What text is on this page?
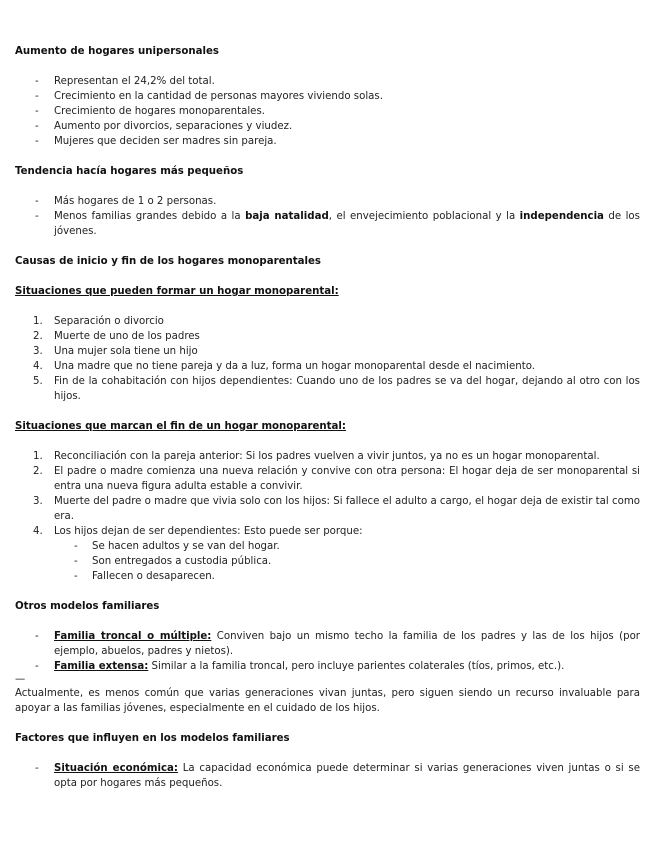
Aumento de hogares unipersonales
- Representan el 24,2% del total.
- Crecimiento en la cantidad de personas mayores viviendo solas.
- Crecimiento de hogares monoparentales.
- Aumento por divorcios, separaciones y viudez.
- Mujeres que deciden ser madres sin pareja.
Tendencia hacía hogares más pequeños
- Más hogares de 1 o 2 personas.
- Menos familias grandes debido a la baja natalidad, el envejecimiento poblacional y la independencia de los jóvenes.
Causas de inicio y fin de los hogares monoparentales
Situaciones que pueden formar un hogar monoparental:
1. Separación o divorcio
2. Muerte de uno de los padres
3. Una mujer sola tiene un hijo
4. Una madre que no tiene pareja y da a luz, forma un hogar monoparental desde el nacimiento.
5. Fin de la cohabitación con hijos dependientes: Cuando uno de los padres se va del hogar, dejando al otro con los hijos.
Situaciones que marcan el fin de un hogar monoparental:
1. Reconciliación con la pareja anterior: Si los padres vuelven a vivir juntos, ya no es un hogar monoparental.
2. El padre o madre comienza una nueva relación y convive con otra persona: El hogar deja de ser monoparental si entra una nueva figura adulta estable a convivir.
3. Muerte del padre o madre que vivia solo con los hijos: Si fallece el adulto a cargo, el hogar deja de existir tal como era.
4. Los hijos dejan de ser dependientes: Esto puede ser porque:
- Se hacen adultos y se van del hogar.
- Son entregados a custodia pública.
- Fallecen o desaparecen.
Otros modelos familiares
- Familia troncal o múltiple: Conviven bajo un mismo techo la familia de los padres y las de los hijos (por ejemplo, abuelos, padres y nietos).
- Familia extensa: Similar a la familia troncal, pero incluye parientes colaterales (tíos, primos, etc.).

—

Actualmente, es menos común que varias generaciones vivan juntas, pero siguen siendo un recurso invaluable para apoyar a las familias jóvenes, especialmente en el cuidado de los hijos.

Factores que influyen en los modelos familiares
- Situación económica: La capacidad económica puede determinar si varias generaciones viven juntas o si se opta por hogares más pequeños.
